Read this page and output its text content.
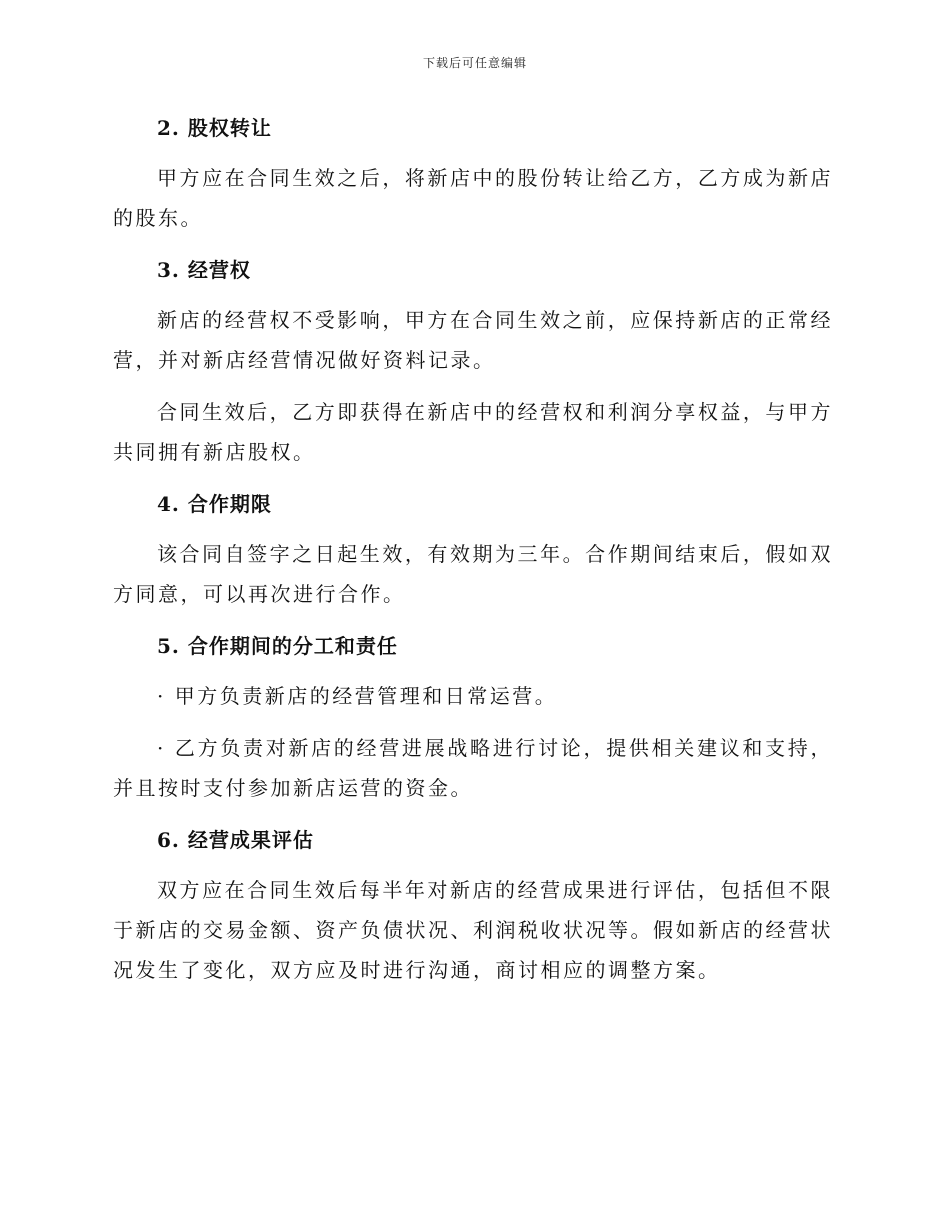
下载后可任意编辑
2. 股权转让

甲方应在合同生效之后，将新店中的股份转让给乙方，乙方成为新店的股东。

3. 经营权

新店的经营权不受影响，甲方在合同生效之前，应保持新店的正常经营，并对新店经营情况做好资料记录。

合同生效后，乙方即获得在新店中的经营权和利润分享权益，与甲方共同拥有新店股权。

4. 合作期限

该合同自签字之日起生效，有效期为三年。合作期间结束后，假如双方同意，可以再次进行合作。

5. 合作期间的分工和责任

· 甲方负责新店的经营管理和日常运营。

· 乙方负责对新店的经营进展战略进行讨论，提供相关建议和支持，并且按时支付参加新店运营的资金。

6. 经营成果评估

双方应在合同生效后每半年对新店的经营成果进行评估，包括但不限于新店的交易金额、资产负债状况、利润税收状况等。假如新店的经营状况发生了变化，双方应及时进行沟通，商讨相应的调整方案。
